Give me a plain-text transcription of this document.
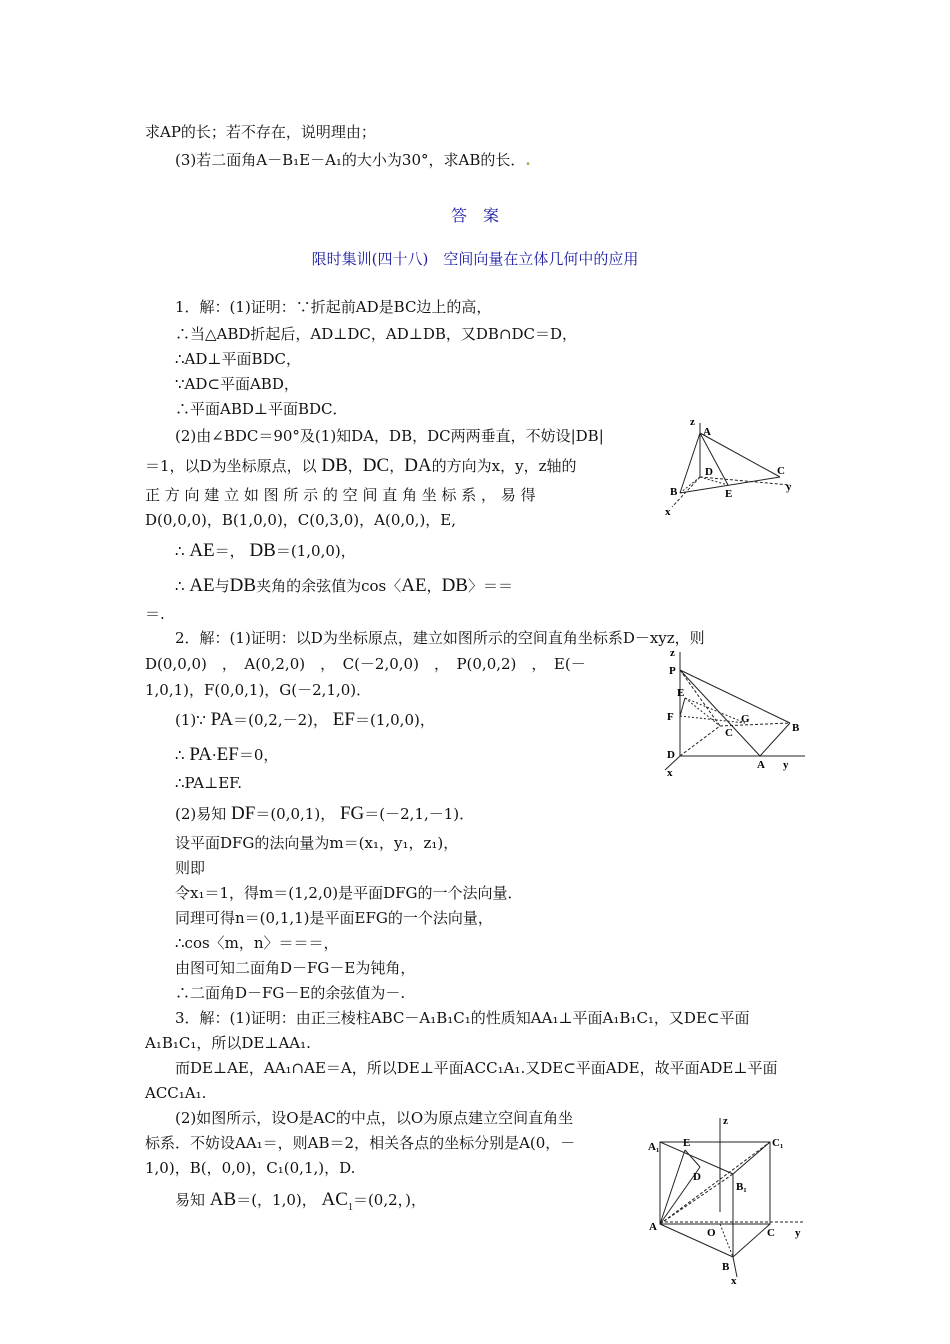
求AP的长；若不存在，说明理由；
(3)若二面角A－B₁E－A₁的大小为30°，求AB的长．.
答　案
限时集训(四十八)　空间向量在立体几何中的应用
1．解：(1)证明：∵折起前AD是BC边上的高，
∴当△ABD折起后，AD⊥DC，AD⊥DB，又DB∩DC＝D，
∴AD⊥平面BDC，
∵AD⊂平面ABD，
∴平面ABD⊥平面BDC．
(2)由∠BDC＝90°及(1)知DA，DB，DC两两垂直，不妨设|DB|
＝1，以D为坐标原点，以 DB，DC，DA的方向为x，y，z轴的
正 方 向 建 立 如 图 所 示 的 空 间 直 角 坐 标 系 ， 易 得
D(0,0,0)，B(1,0,0)，C(0,3,0)，A(0,0,)，E,
∴ AE＝， DB＝(1,0,0)，
∴ AE与DB夹角的余弦值为cos〈AE，DB〉＝＝
＝.
z
A
D	C
y
B	E
x
2．解：(1)证明：以D为坐标原点，建立如图所示的空间直角坐标系D－xyz，则
D(0,0,0)　，　A(0,2,0)　，　C(－2,0,0)　，　P(0,0,2)　，　E(－
1,0,1)，F(0,0,1)，G(－2,1,0)．
(1)∵ PA＝(0,2,－2)， EF＝(1,0,0)，
∴ PA·EF＝0，
∴PA⊥EF.
(2)易知 DF＝(0,0,1)， FG＝(－2,1,－1)．
设平面DFG的法向量为m＝(x₁，y₁，z₁)，
则即
令x₁＝1，得m＝(1,2,0)是平面DFG的一个法向量．
同理可得n＝(0,1,1)是平面EFG的一个法向量，
∴cos〈m，n〉＝＝＝，
由图可知二面角D－FG－E为钝角，
∴二面角D－FG－E的余弦值为－.
z
P
E
F	G
C	B
D
A y
x
3．解：(1)证明：由正三棱柱ABC－A₁B₁C₁的性质知AA₁⊥平面A₁B₁C₁，又DE⊂平面
A₁B₁C₁，所以DE⊥AA₁.
而DE⊥AE，AA₁∩AE＝A，所以DE⊥平面ACC₁A₁.又DE⊂平面ADE，故平面ADE⊥平面
ACC₁A₁.
(2)如图所示，设O是AC的中点，以O为原点建立空间直角坐
标系．不妨设AA₁＝，则AB＝2，相关各点的坐标分别是A(0，－
1,0)，B(，0,0)，C₁(0,1,)，D.
易知 AB＝(，1,0)， $AC_1=(0,2$，)，
z
A₁ E	C₁
D
B₁
A	O	C y
B
x
